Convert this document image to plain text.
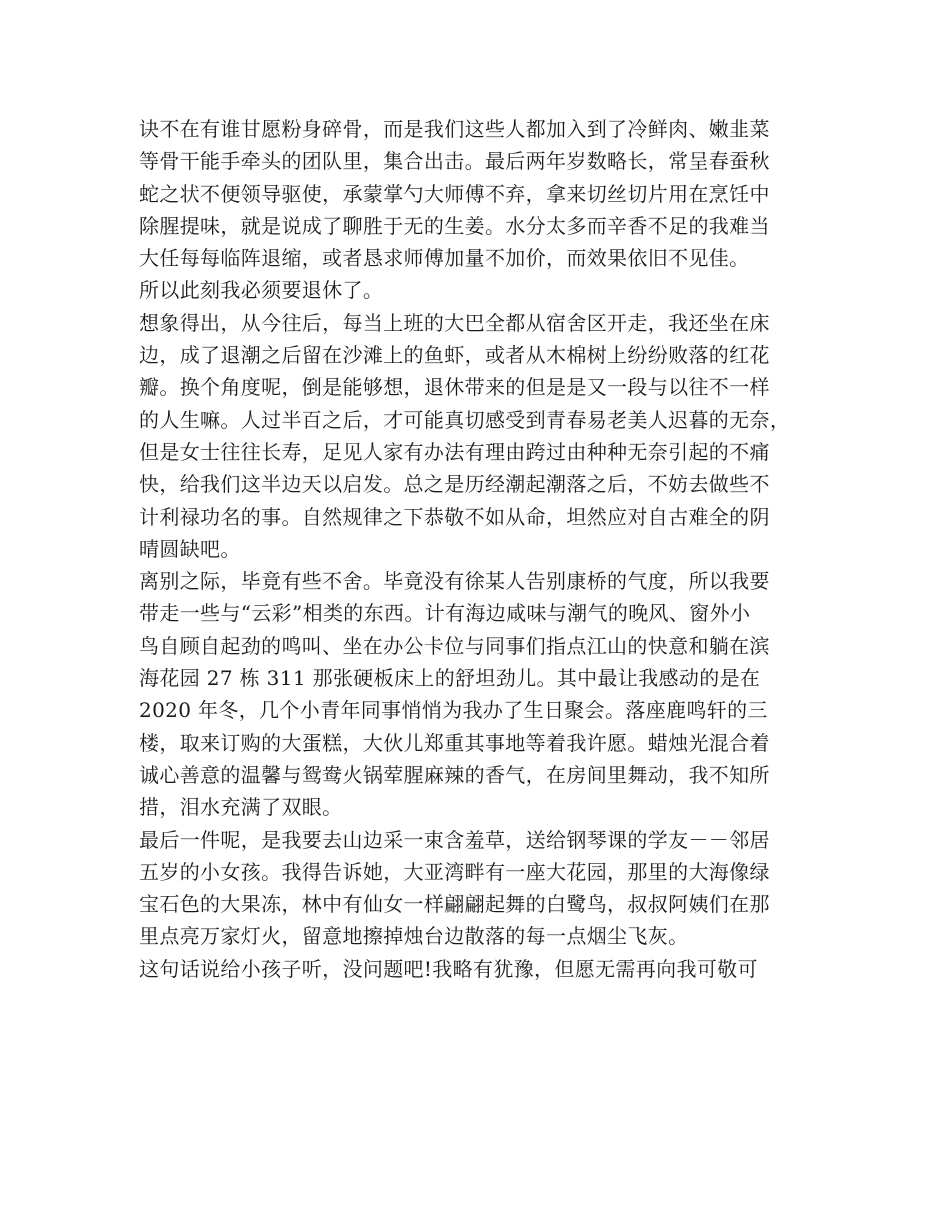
诀不在有谁甘愿粉身碎骨，而是我们这些人都加入到了冷鲜肉、嫩韭菜
等骨干能手牵头的团队里，集合出击。最后两年岁数略长，常呈春蚕秋
蛇之状不便领导驱使，承蒙掌勺大师傅不弃，拿来切丝切片用在烹饪中
除腥提味，就是说成了聊胜于无的生姜。水分太多而辛香不足的我难当
大任每每临阵退缩，或者恳求师傅加量不加价，而效果依旧不见佳。
所以此刻我必须要退休了。
想象得出，从今往后，每当上班的大巴全都从宿舍区开走，我还坐在床
边，成了退潮之后留在沙滩上的鱼虾，或者从木棉树上纷纷败落的红花
瓣。换个角度呢，倒是能够想，退休带来的但是是又一段与以往不一样
的人生嘛。人过半百之后，才可能真切感受到青春易老美人迟暮的无奈，
但是女士往往长寿，足见人家有办法有理由跨过由种种无奈引起的不痛
快，给我们这半边天以启发。总之是历经潮起潮落之后，不妨去做些不
计利禄功名的事。自然规律之下恭敬不如从命，坦然应对自古难全的阴
晴圆缺吧。
离别之际，毕竟有些不舍。毕竟没有徐某人告别康桥的气度，所以我要
带走一些与“云彩”相类的东西。计有海边咸味与潮气的晚风、窗外小
鸟自顾自起劲的鸣叫、坐在办公卡位与同事们指点江山的快意和躺在滨
海花园 27 栋 311 那张硬板床上的舒坦劲儿。其中最让我感动的是在
2020 年冬，几个小青年同事悄悄为我办了生日聚会。落座鹿鸣轩的三
楼，取来订购的大蛋糕，大伙儿郑重其事地等着我许愿。蜡烛光混合着
诚心善意的温馨与鸳鸯火锅荤腥麻辣的香气，在房间里舞动，我不知所
措，泪水充满了双眼。
最后一件呢，是我要去山边采一束含羞草，送给钢琴课的学友－－邻居
五岁的小女孩。我得告诉她，大亚湾畔有一座大花园，那里的大海像绿
宝石色的大果冻，林中有仙女一样翩翩起舞的白鹭鸟，叔叔阿姨们在那
里点亮万家灯火，留意地擦掉烛台边散落的每一点烟尘飞灰。
这句话说给小孩子听，没问题吧!我略有犹豫，但愿无需再向我可敬可
